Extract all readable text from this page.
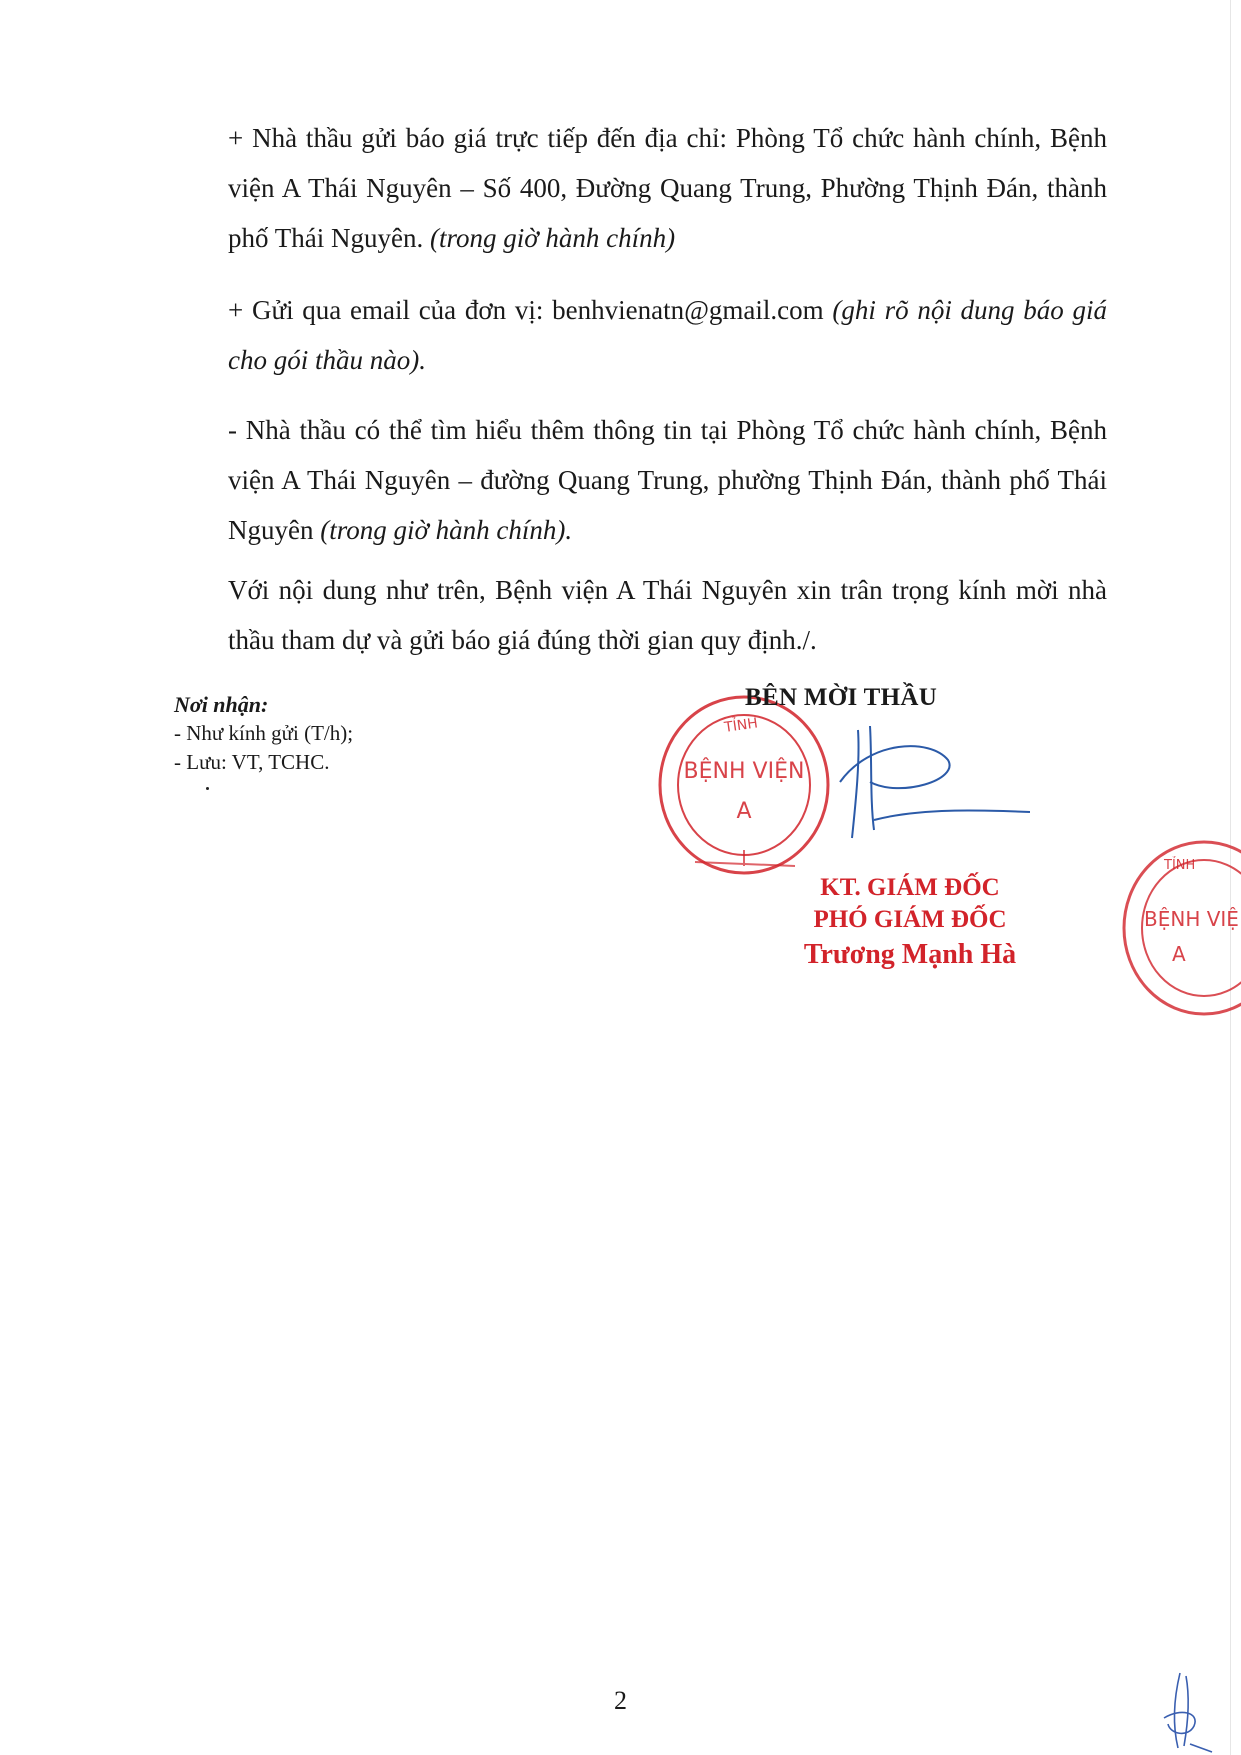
+ Nhà thầu gửi báo giá trực tiếp đến địa chỉ: Phòng Tổ chức hành chính, Bệnh viện A Thái Nguyên – Số 400, Đường Quang Trung, Phường Thịnh Đán, thành phố Thái Nguyên. (trong giờ hành chính)
+ Gửi qua email của đơn vị: benhvienatn@gmail.com (ghi rõ nội dung báo giá cho gói thầu nào).
- Nhà thầu có thể tìm hiểu thêm thông tin tại Phòng Tổ chức hành chính, Bệnh viện A Thái Nguyên – đường Quang Trung, phường Thịnh Đán, thành phố Thái Nguyên (trong giờ hành chính).
Với nội dung như trên, Bệnh viện A Thái Nguyên xin trân trọng kính mời nhà thầu tham dự và gửi báo giá đúng thời gian quy định./.
Nơi nhận:
- Như kính gửi (T/h);
- Lưu: VT, TCHC.	BỆNH VIỆN
A
TỈNH
BÊN MỜI THẦU
KT. GIÁM ĐỐC
PHÓ GIÁM ĐỐC
Trương Mạnh Hà
BỆNH VIỆ
A
TỈNH
2
